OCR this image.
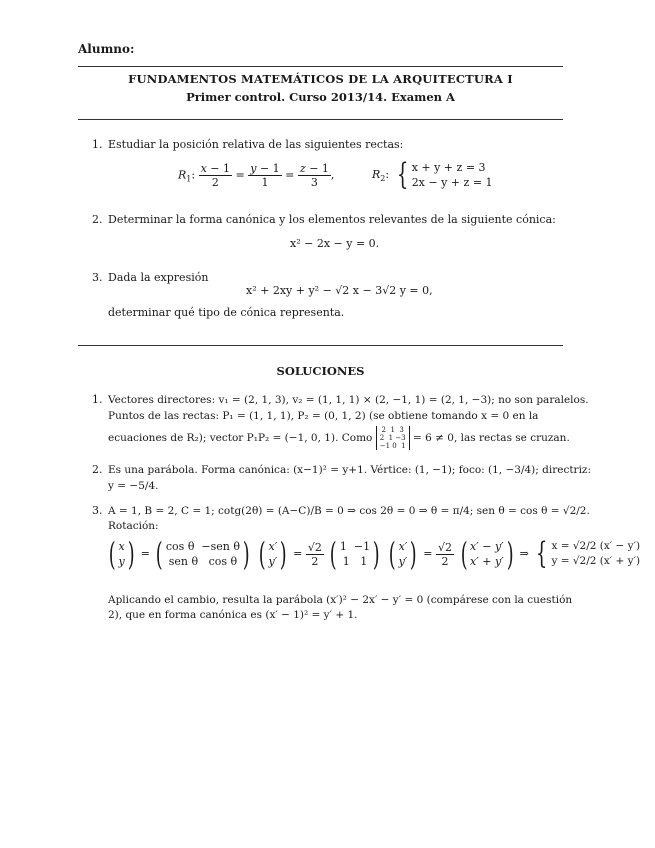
Alumno:
FUNDAMENTOS MATEMÁTICOS DE LA ARQUITECTURA I
Primer control. Curso 2013/14. Examen A
1. Estudiar la posición relativa de las siguientes rectas:
$R_1$: $\frac{x - 1}{2} = \frac{y - 1}{1} = \frac{z - 1}{3}$ ,	$R_2$: { x + y + z = 3
2x − y + z = 1
2. Determinar la forma canónica y los elementos relevantes de la siguiente cónica:
x² − 2x − y = 0.
3. Dada la expresión
x² + 2xy + y² − √2 x − 3√2 y = 0,
determinar qué tipo de cónica representa.
SOLUCIONES
1. Vectores directores: v₁ = (2, 1, 3), v₂ = (1, 1, 1) × (2, −1, 1) = (2, 1, −3); no son paralelos.
Puntos de las rectas: P₁ = (1, 1, 1), P₂ = (0, 1, 2) (se obtiene tomando x = 0 en la
ecuaciones de R₂); vector P₁P₂ = (−1, 0, 1). Como 2  1  3
2  1 −3
−1 0  1 = 6 ≠ 0, las rectas se cruzan.
2. Es una parábola. Forma canónica: (x−1)² = y+1. Vértice: (1, −1); foco: (1, −3/4); directriz:
y = −5/4.
3. A = 1, B = 2, C = 1; cotg(2θ) = (A−C)/B = 0 ⇒ cos 2θ = 0 ⇒ θ = π/4; sen θ = cos θ = √2/2.
Rotación:
( x
y) = ( cos θ  −sen θ
sen θ   cos θ ) ( x′
$y') = \frac{√2}{2}$ ( 1  −1
1   1 ) ( x′
$y') = \frac{√2}{2}$ ( x′ − y′
x′ + y′) ⇒ { x = √2/2 (x′ − y′)
y = √2/2 (x′ + y′)
Aplicando el cambio, resulta la parábola (x′)² − 2x′ − y′ = 0 (compárese con la cuestión
2), que en forma canónica es (x′ − 1)² = y′ + 1.
